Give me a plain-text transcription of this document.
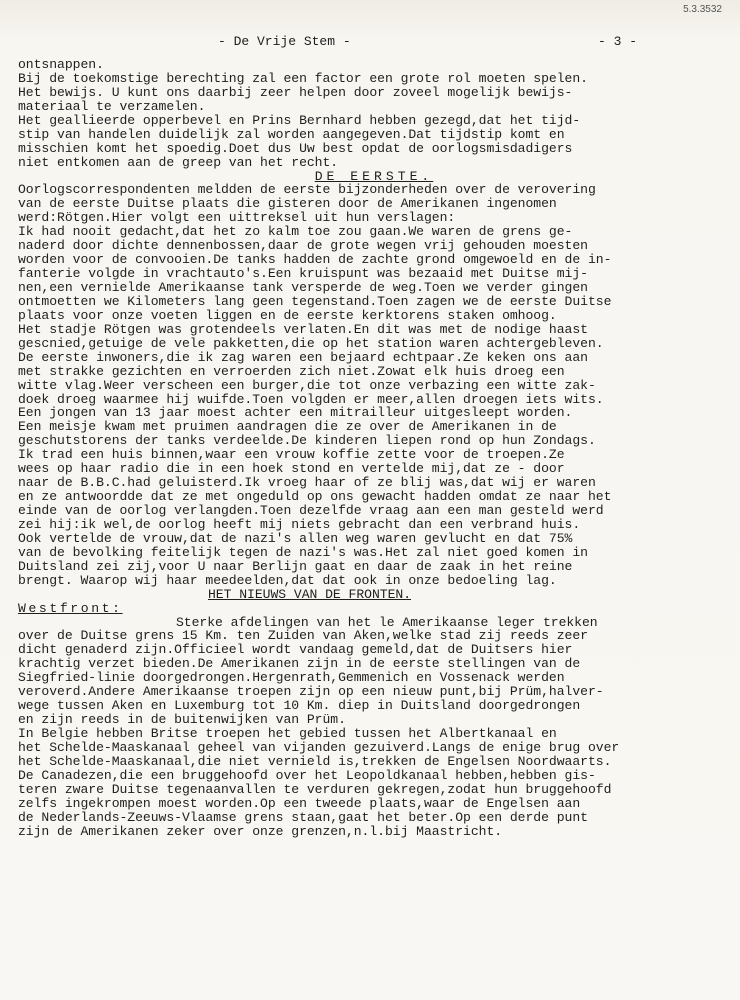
5.3.3532
- De Vrije Stem -	- 3 -
ontsnappen.
Bij de toekomstige berechting zal een factor een grote rol moeten spelen.
Het bewijs. U kunt ons daarbij zeer helpen door zoveel mogelijk bewijs-
materiaal te verzamelen.
Het geallieerde opperbevel en Prins Bernhard hebben gezegd,dat het tijd-
stip van handelen duidelijk zal worden aangegeven.Dat tijdstip komt en
misschien komt het spoedig.Doet dus Uw best opdat de oorlogsmisdadigers
niet entkomen aan de greep van het recht.
DE EERSTE.
Oorlogscorrespondenten meldden de eerste bijzonderheden over de verovering
van de eerste Duitse plaats die gisteren door de Amerikanen ingenomen
werd:Rötgen.Hier volgt een uittreksel uit hun verslagen:
Ik had nooit gedacht,dat het zo kalm toe zou gaan.We waren de grens ge-
naderd door dichte dennenbossen,daar de grote wegen vrij gehouden moesten
worden voor de convooien.De tanks hadden de zachte grond omgewoeld en de in-
fanterie volgde in vrachtauto's.Een kruispunt was bezaaid met Duitse mij-
nen,een vernielde Amerikaanse tank versperde de weg.Toen we verder gingen
ontmoetten we Kilometers lang geen tegenstand.Toen zagen we de eerste Duitse
plaats voor onze voeten liggen en de eerste kerktorens staken omhoog.
Het stadje Rötgen was grotendeels verlaten.En dit was met de nodige haast
gescnied,getuige de vele pakketten,die op het station waren achtergebleven.
De eerste inwoners,die ik zag waren een bejaard echtpaar.Ze keken ons aan
met strakke gezichten en verroerden zich niet.Zowat elk huis droeg een
witte vlag.Weer verscheen een burger,die tot onze verbazing een witte zak-
doek droeg waarmee hij wuifde.Toen volgden er meer,allen droegen iets wits.
Een jongen van 13 jaar moest achter een mitrailleur uitgesleept worden.
Een meisje kwam met pruimen aandragen die ze over de Amerikanen in de
geschutstorens der tanks verdeelde.De kinderen liepen rond op hun Zondags.
Ik trad een huis binnen,waar een vrouw koffie zette voor de troepen.Ze
wees op haar radio die in een hoek stond en vertelde mij,dat ze - door
naar de B.B.C.had geluisterd.Ik vroeg haar of ze blij was,dat wij er waren
en ze antwoordde dat ze met ongeduld op ons gewacht hadden omdat ze naar het
einde van de oorlog verlangden.Toen dezelfde vraag aan een man gesteld werd
zei hij:ik wel,de oorlog heeft mij niets gebracht dan een verbrand huis.
Ook vertelde de vrouw,dat de nazi's allen weg waren gevlucht en dat 75%
van de bevolking feitelijk tegen de nazi's was.Het zal niet goed komen in
Duitsland zei zij,voor U naar Berlijn gaat en daar de zaak in het reine
brengt. Waarop wij haar meedeelden,dat dat ook in onze bedoeling lag.
HET NIEUWS VAN DE FRONTEN.
Westfront:
Sterke afdelingen van het le Amerikaanse leger trekken
over de Duitse grens 15 Km. ten Zuiden van Aken,welke stad zij reeds zeer
dicht genaderd zijn.Officieel wordt vandaag gemeld,dat de Duitsers hier
krachtig verzet bieden.De Amerikanen zijn in de eerste stellingen van de
Siegfried-linie doorgedrongen.Hergenrath,Gemmenich en Vossenack werden
veroverd.Andere Amerikaanse troepen zijn op een nieuw punt,bij Prüm,halver-
wege tussen Aken en Luxemburg tot 10 Km. diep in Duitsland doorgedrongen
en zijn reeds in de buitenwijken van Prüm.
In Belgie hebben Britse troepen het gebied tussen het Albertkanaal en
het Schelde-Maaskanaal geheel van vijanden gezuiverd.Langs de enige brug over
het Schelde-Maaskanaal,die niet vernield is,trekken de Engelsen Noordwaarts.
De Canadezen,die een bruggehoofd over het Leopoldkanaal hebben,hebben gis-
teren zware Duitse tegenaanvallen te verduren gekregen,zodat hun bruggehoofd
zelfs ingekrompen moest worden.Op een tweede plaats,waar de Engelsen aan
de Nederlands-Zeeuws-Vlaamse grens staan,gaat het beter.Op een derde punt
zijn de Amerikanen zeker over onze grenzen,n.l.bij Maastricht.
